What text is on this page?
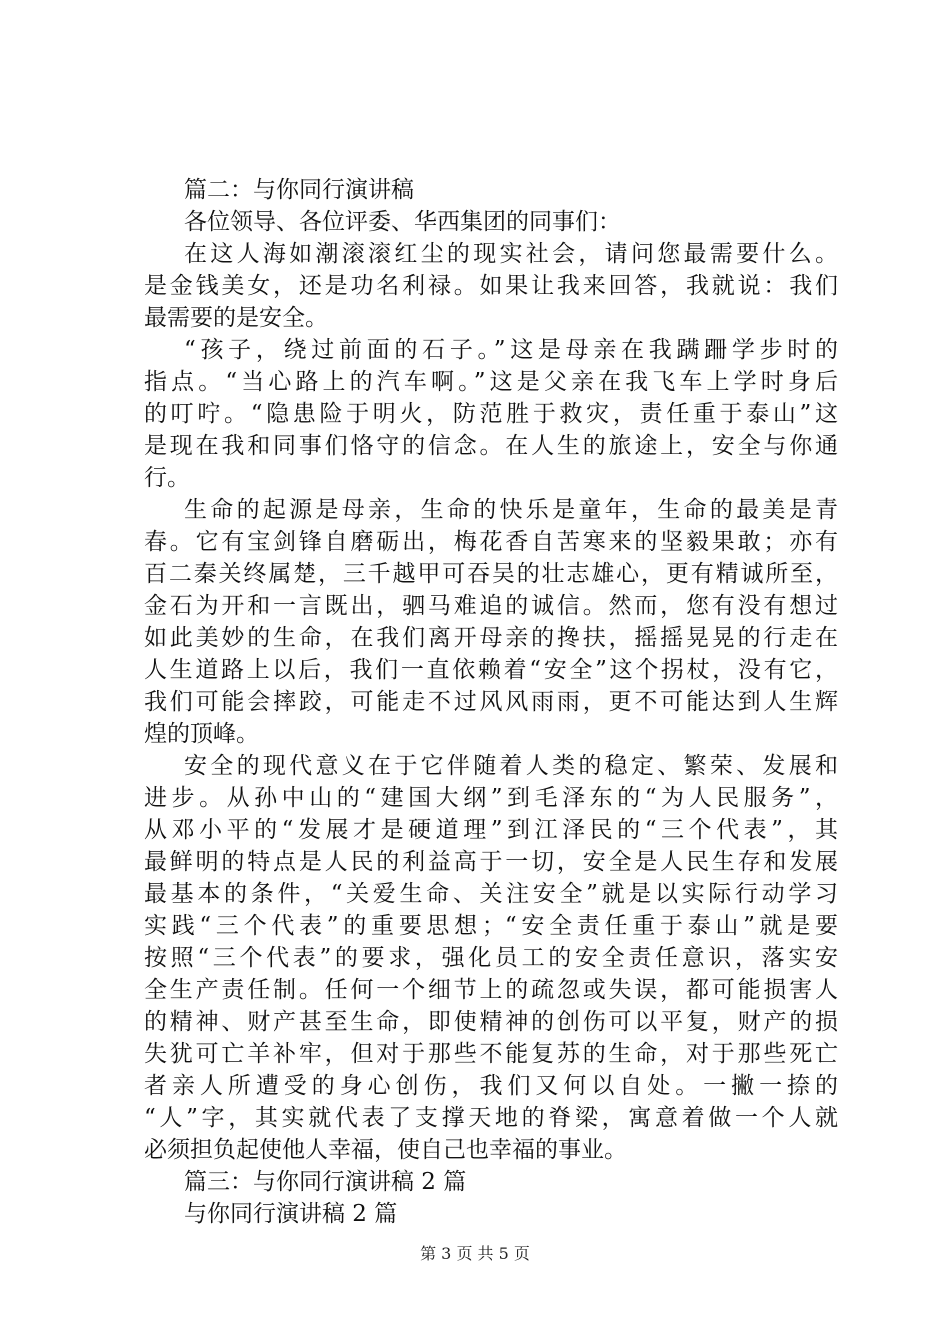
篇二：与你同行演讲稿
各位领导、各位评委、华西集团的同事们：
在这人海如潮滚滚红尘的现实社会，请问您最需要什么。
是金钱美女，还是功名利禄。如果让我来回答，我就说：我们
最需要的是安全。
“孩子，绕过前面的石子。”这是母亲在我蹒跚学步时的
指点。“当心路上的汽车啊。”这是父亲在我飞车上学时身后
的叮咛。“隐患险于明火，防范胜于救灾，责任重于泰山”这
是现在我和同事们恪守的信念。在人生的旅途上，安全与你通
行。
生命的起源是母亲，生命的快乐是童年，生命的最美是青
春。它有宝剑锋自磨砺出，梅花香自苦寒来的坚毅果敢；亦有
百二秦关终属楚，三千越甲可吞吴的壮志雄心，更有精诚所至，
金石为开和一言既出，驷马难追的诚信。然而，您有没有想过
如此美妙的生命，在我们离开母亲的搀扶，摇摇晃晃的行走在
人生道路上以后，我们一直依赖着“安全”这个拐杖，没有它，
我们可能会摔跤，可能走不过风风雨雨，更不可能达到人生辉
煌的顶峰。
安全的现代意义在于它伴随着人类的稳定、繁荣、发展和
进步。从孙中山的“建国大纲”到毛泽东的“为人民服务”，
从邓小平的“发展才是硬道理”到江泽民的“三个代表”，其
最鲜明的特点是人民的利益高于一切，安全是人民生存和发展
最基本的条件，“关爱生命、关注安全”就是以实际行动学习
实践“三个代表”的重要思想；“安全责任重于泰山”就是要
按照“三个代表”的要求，强化员工的安全责任意识，落实安
全生产责任制。任何一个细节上的疏忽或失误，都可能损害人
的精神、财产甚至生命，即使精神的创伤可以平复，财产的损
失犹可亡羊补牢，但对于那些不能复苏的生命，对于那些死亡
者亲人所遭受的身心创伤，我们又何以自处。一撇一捺的
“人”字，其实就代表了支撑天地的脊梁，寓意着做一个人就
必须担负起使他人幸福，使自己也幸福的事业。
篇三：与你同行演讲稿 2 篇
与你同行演讲稿 2 篇
第 3 页 共 5 页
